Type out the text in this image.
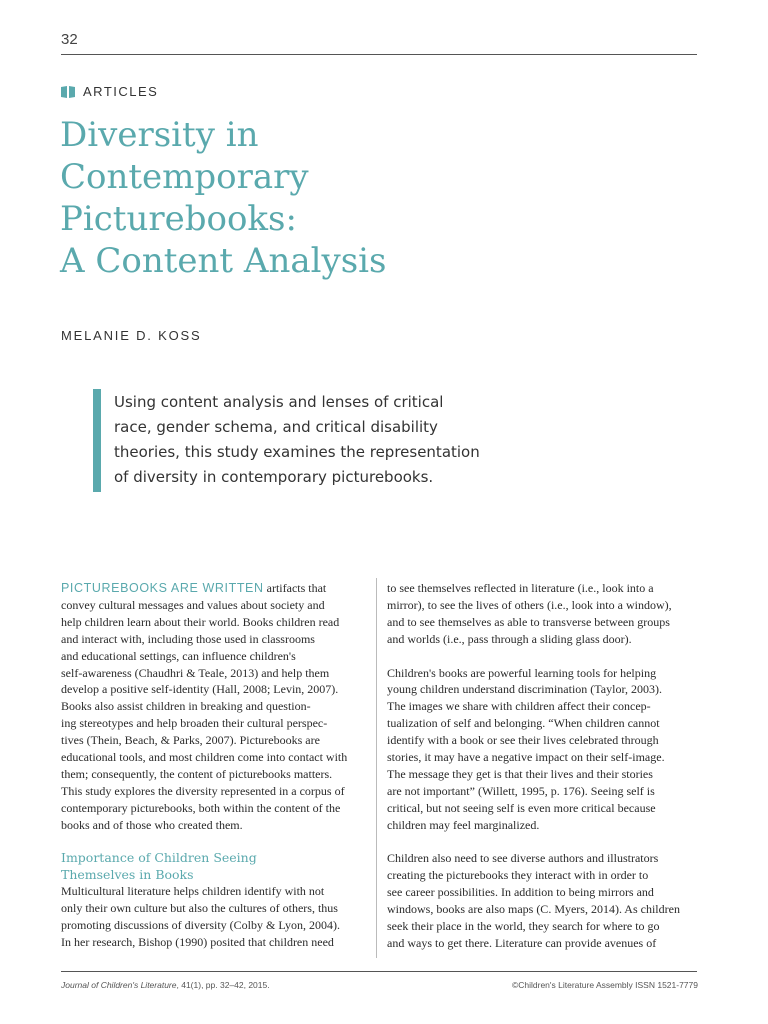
32
ARTICLES
Diversity in
Contemporary
Picturebooks:
A Content Analysis
MELANIE D. KOSS
Using content analysis and lenses of critical
race, gender schema, and critical disability
theories, this study examines the representation
of diversity in contemporary picturebooks.
PICTUREBOOKS ARE WRITTEN artifacts that
convey cultural messages and values about society and
help children learn about their world. Books children read
and interact with, including those used in classrooms
and educational settings, can influence children's
self-awareness (Chaudhri & Teale, 2013) and help them
develop a positive self-identity (Hall, 2008; Levin, 2007).
Books also assist children in breaking and question-
ing stereotypes and help broaden their cultural perspec-
tives (Thein, Beach, & Parks, 2007). Picturebooks are
educational tools, and most children come into contact with
them; consequently, the content of picturebooks matters.
This study explores the diversity represented in a corpus of
contemporary picturebooks, both within the content of the
books and of those who created them.
Importance of Children Seeing
Themselves in Books
Multicultural literature helps children identify with not
only their own culture but also the cultures of others, thus
promoting discussions of diversity (Colby & Lyon, 2004).
In her research, Bishop (1990) posited that children need
to see themselves reflected in literature (i.e., look into a
mirror), to see the lives of others (i.e., look into a window),
and to see themselves as able to transverse between groups
and worlds (i.e., pass through a sliding glass door).
Children's books are powerful learning tools for helping
young children understand discrimination (Taylor, 2003).
The images we share with children affect their concep-
tualization of self and belonging. “When children cannot
identify with a book or see their lives celebrated through
stories, it may have a negative impact on their self-image.
The message they get is that their lives and their stories
are not important” (Willett, 1995, p. 176). Seeing self is
critical, but not seeing self is even more critical because
children may feel marginalized.
Children also need to see diverse authors and illustrators
creating the picturebooks they interact with in order to
see career possibilities. In addition to being mirrors and
windows, books are also maps (C. Myers, 2014). As children
seek their place in the world, they search for where to go
and ways to get there. Literature can provide avenues of
Journal of Children's Literature, 41(1), pp. 32–42, 2015.	©Children's Literature Assembly ISSN 1521-7779
